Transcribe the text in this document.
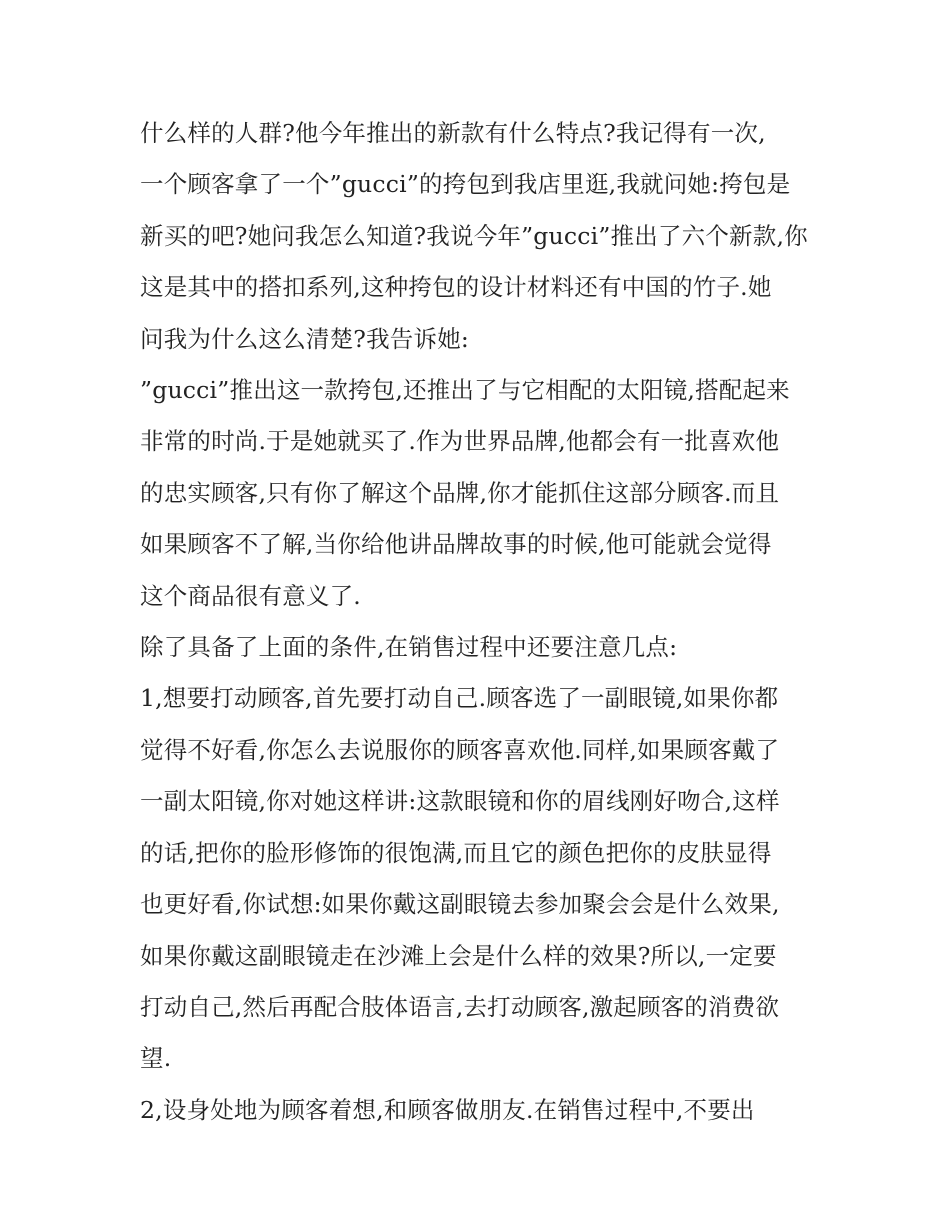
什么样的人群?他今年推出的新款有什么特点?我记得有一次,
一个顾客拿了一个”gucci”的挎包到我店里逛,我就问她:挎包是
新买的吧?她问我怎么知道?我说今年”gucci”推出了六个新款,你
这是其中的搭扣系列,这种挎包的设计材料还有中国的竹子.她
问我为什么这么清楚?我告诉她:
”gucci”推出这一款挎包,还推出了与它相配的太阳镜,搭配起来
非常的时尚.于是她就买了.作为世界品牌,他都会有一批喜欢他
的忠实顾客,只有你了解这个品牌,你才能抓住这部分顾客.而且
如果顾客不了解,当你给他讲品牌故事的时候,他可能就会觉得
这个商品很有意义了.
除了具备了上面的条件,在销售过程中还要注意几点:
1,想要打动顾客,首先要打动自己.顾客选了一副眼镜,如果你都
觉得不好看,你怎么去说服你的顾客喜欢他.同样,如果顾客戴了
一副太阳镜,你对她这样讲:这款眼镜和你的眉线刚好吻合,这样
的话,把你的脸形修饰的很饱满,而且它的颜色把你的皮肤显得
也更好看,你试想:如果你戴这副眼镜去参加聚会会是什么效果,
如果你戴这副眼镜走在沙滩上会是什么样的效果?所以,一定要
打动自己,然后再配合肢体语言,去打动顾客,激起顾客的消费欲
望.
2,设身处地为顾客着想,和顾客做朋友.在销售过程中,不要出
